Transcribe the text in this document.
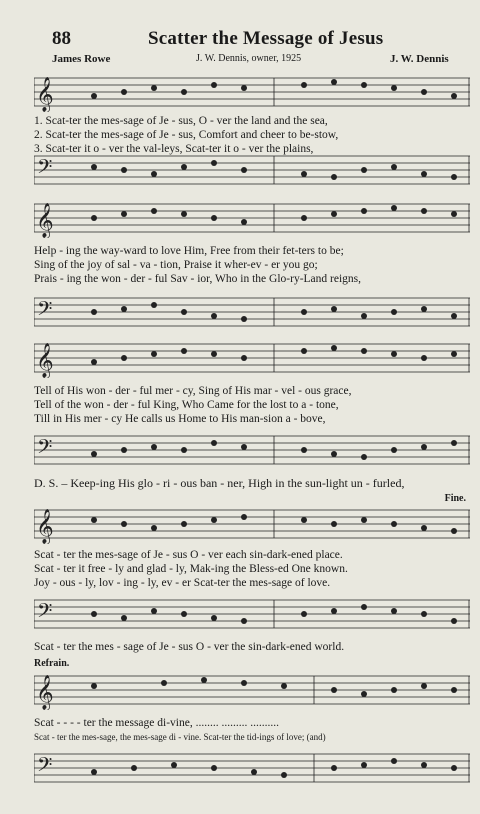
88	Scatter the Message of Jesus
James Rowe	J. W. Dennis, owner, 1925	J. W. Dennis
𝄞
1. Scat-ter the mes-sage of Je - sus, O - ver the land and the sea,
2. Scat-ter the mes-sage of Je - sus, Comfort and cheer to be-stow,
3. Scat-ter it o - ver the val-leys, Scat-ter it o - ver the plains,
𝄢
𝄞
Help - ing the way-ward to love Him, Free from their fet-ters to be;
Sing of the joy of sal - va - tion, Praise it wher-ev - er you go;
Prais - ing the won - der - ful Sav - ior, Who in the Glo-ry-Land reigns,
𝄢
𝄞
Tell of His won - der - ful mer - cy, Sing of His mar - vel - ous grace,
Tell of the won - der - ful King, Who Came for the lost to a - tone,
Till in His mer - cy He calls us Home to His man-sion a - bove,
𝄢
D. S. – Keep-ing His glo - ri - ous ban - ner, High in the sun-light un - furled,
Fine.
𝄞
Scat - ter the mes-sage of Je - sus O - ver each sin-dark-ened place.
Scat - ter it free - ly and glad - ly, Mak-ing the Bless-ed One known.
Joy - ous - ly, lov - ing - ly, ev - er Scat-ter the mes-sage of love.
𝄢
Scat - ter the mes - sage of Je - sus O - ver the sin-dark-ened world.
Refrain.
𝄞
Scat - - - - ter the message di-vine, ........ ......... ..........
Scat - ter the mes-sage, the mes-sage di - vine. Scat-ter the tid-ings of love; (and)
𝄢
